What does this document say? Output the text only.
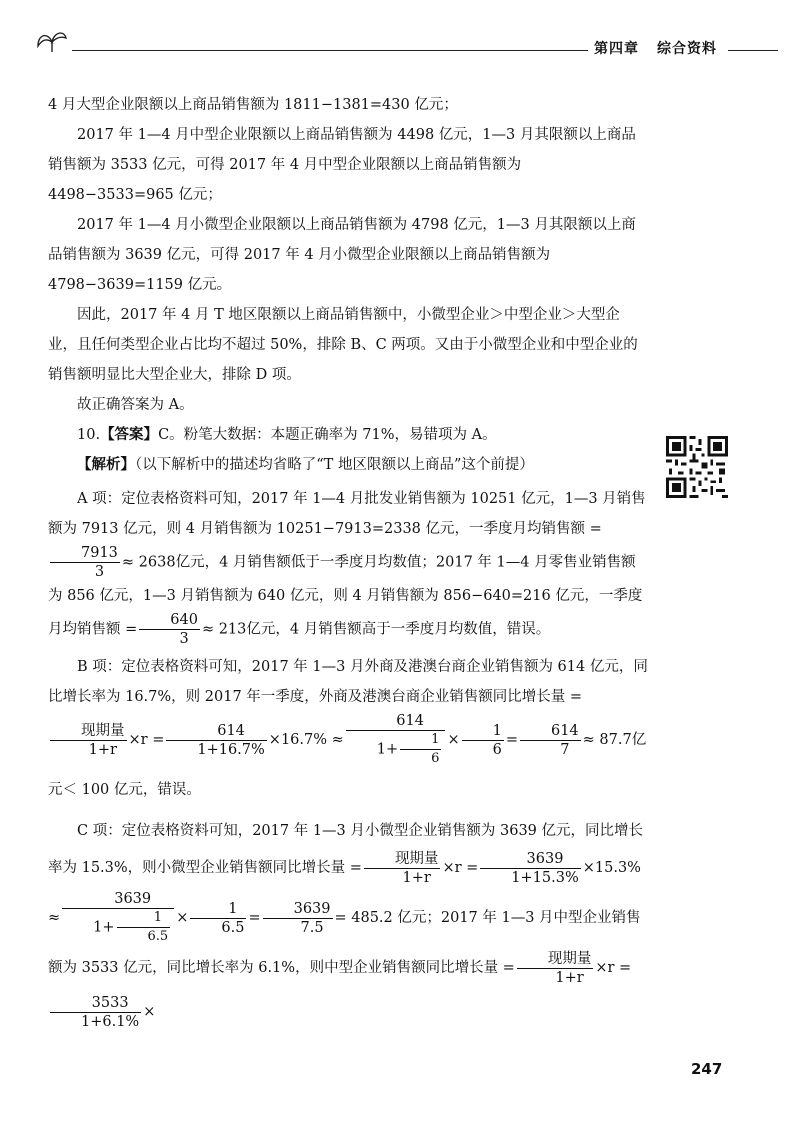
第四章 综合资料

4 月大型企业限额以上商品销售额为 1811−1381=430 亿元；

2017 年 1—4 月中型企业限额以上商品销售额为 4498 亿元，1—3 月其限额以上商品销售额为 3533 亿元，可得 2017 年 4 月中型企业限额以上商品销售额为 4498−3533=965 亿元；

2017 年 1—4 月小微型企业限额以上商品销售额为 4798 亿元，1—3 月其限额以上商品销售额为 3639 亿元，可得 2017 年 4 月小微型企业限额以上商品销售额为 4798−3639=1159 亿元。

因此，2017 年 4 月 T 地区限额以上商品销售额中，小微型企业＞中型企业＞大型企业，且任何类型企业占比均不超过 50%，排除 B、C 两项。又由于小微型企业和中型企业的销售额明显比大型企业大，排除 D 项。

故正确答案为 A。

10.【答案】C。粉笔大数据：本题正确率为 71%，易错项为 A。

【解析】（以下解析中的描述均省略了“T 地区限额以上商品”这个前提）

A 项：定位表格资料可知，2017 年 1—4 月批发业销售额为 10251 亿元，1—3 月销售额为 7913 亿元，则 4 月销售额为 10251−7913=2338 亿元，一季度月均销售额 =
$\frac{7913}{3} \approx 2638$亿元，4 月销售额低于一季度月均数值；2017 年 1—4 月零售业销售额为 856 亿元，1—3 月销售额为 640 亿元，则 4 月销售额为 856−640=216 亿元，一季度月均销售额 = $\frac{640}{3} \approx 213$亿元，4 月销售额高于一季度月均数值，错误。

B 项：定位表格资料可知，2017 年 1—3 月外商及港澳台商企业销售额为 614 亿元，同比增长率为 16.7%，则 2017 年一季度，外商及港澳台商企业销售额同比增长量 =
$\frac{\text{现期量}}{1+r} \times r = \frac{614}{1+16.7\%} \times 16.7\% \approx \frac{614}{1+ \frac{1}{6}} \times \frac{1}{6} = \frac{614}{7} \approx 87.7$亿元＜ 100 亿元，错误。

C 项：定位表格资料可知，2017 年 1—3 月小微型企业销售额为 3639 亿元，同比增长率为 15.3%，则小微型企业销售额同比增长量 = $\frac{\text{现期量}}{1+r} \times r = \frac{3639}{1+15.3\%} \times 15.3\% \approx \frac{3639}{1+ \frac{1}{6.5}} \times \frac{1}{6.5} = \frac{3639}{7.5} = 485.2$ 亿元；2017 年 1—3 月中型企业销售额为 3533 亿元，同比增长率为 6.1%，则中型企业销售额同比增长量 = $\frac{\text{现期量}}{1+r} \times r$ =
$\frac{3533}{1+6.1\%}$ ×

247
